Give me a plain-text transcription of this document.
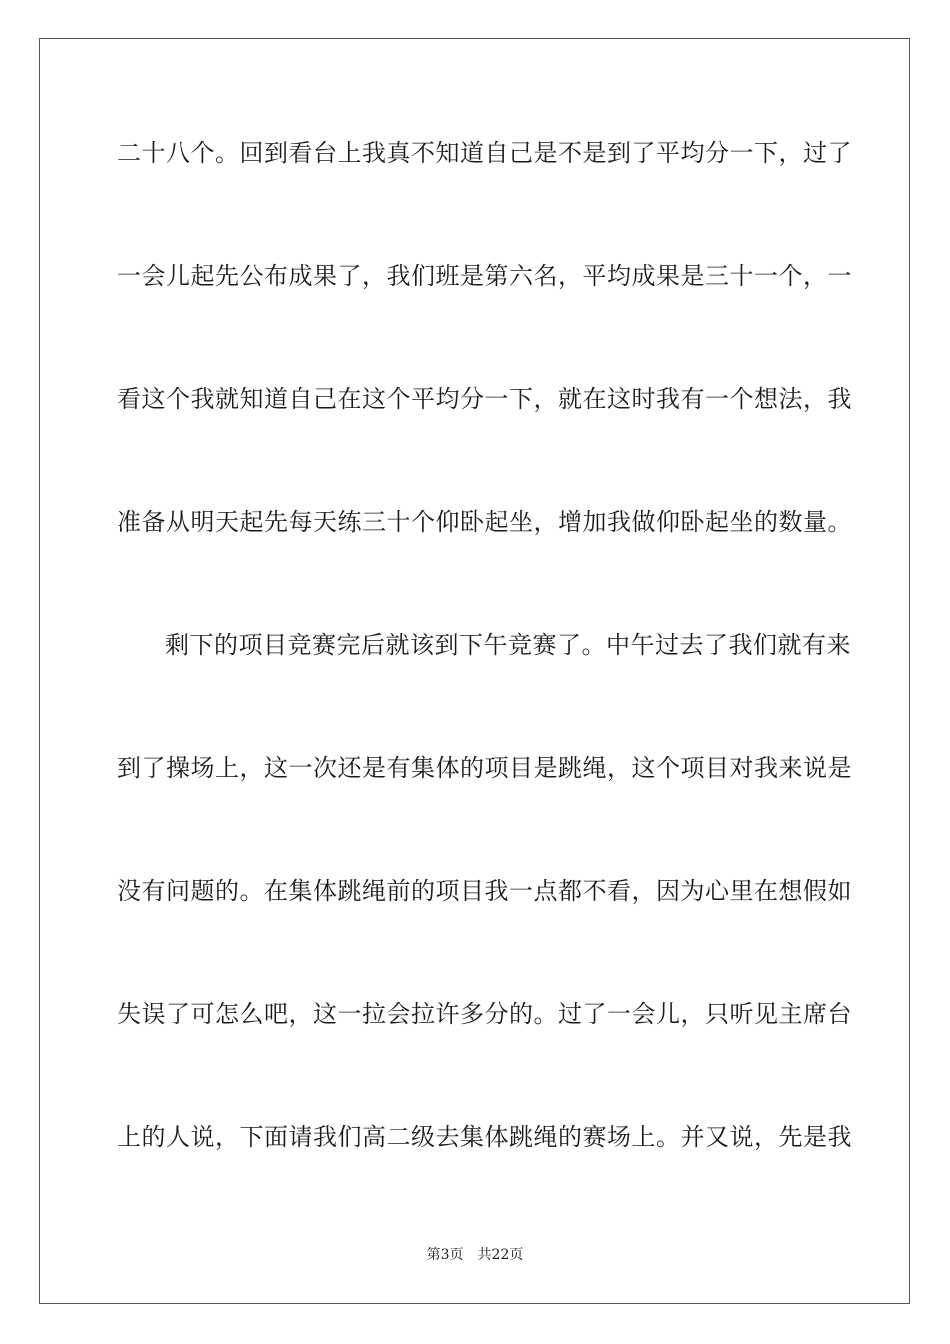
二十八个。回到看台上我真不知道自己是不是到了平均分一下，过了
一会儿起先公布成果了，我们班是第六名，平均成果是三十一个，一
看这个我就知道自己在这个平均分一下，就在这时我有一个想法，我
准备从明天起先每天练三十个仰卧起坐，增加我做仰卧起坐的数量。
剩下的项目竞赛完后就该到下午竞赛了。中午过去了我们就有来
到了操场上，这一次还是有集体的项目是跳绳，这个项目对我来说是
没有问题的。在集体跳绳前的项目我一点都不看，因为心里在想假如
失误了可怎么吧，这一拉会拉许多分的。过了一会儿，只听见主席台
上的人说，下面请我们高二级去集体跳绳的赛场上。并又说，先是我
第3页 共22页
